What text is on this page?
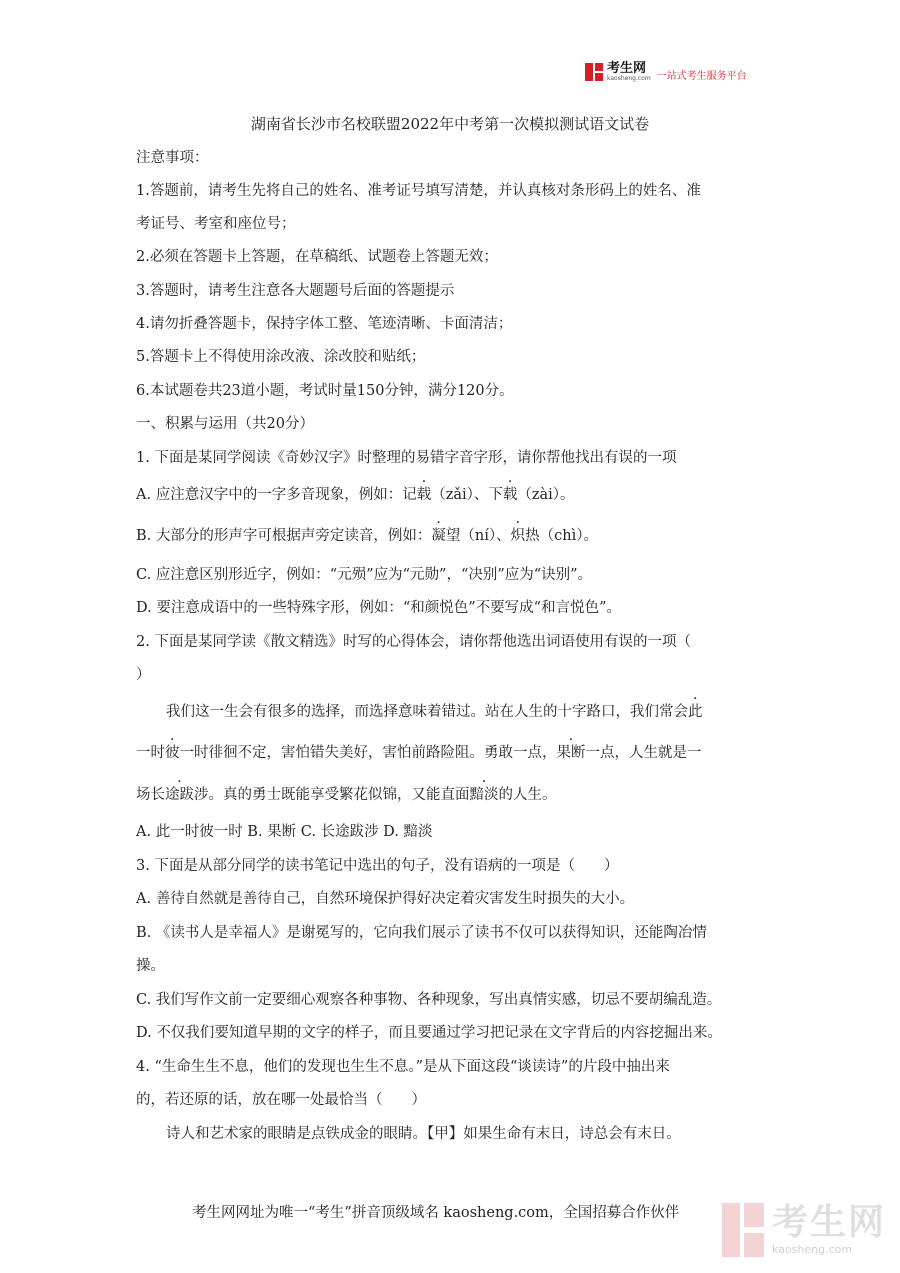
考生网
kaosheng.com 一站式考生服务平台
湖南省长沙市名校联盟2022年中考第一次模拟测试语文试卷
注意事项：
1.答题前，请考生先将自己的姓名、准考证号填写清楚，并认真核对条形码上的姓名、准
考证号、考室和座位号；
2.必须在答题卡上答题，在草稿纸、试题卷上答题无效；
3.答题时，请考生注意各大题题号后面的答题提示
4.请勿折叠答题卡，保持字体工整、笔迹清晰、卡面清洁；
5.答题卡上不得使用涂改液、涂改胶和贴纸；
6.本试题卷共23道小题，考试时量150分钟，满分120分。
一、积累与运用（共20分）
1. 下面是某同学阅读《奇妙汉字》时整理的易错字音字形，请你帮他找出有误的一项
A. 应注意汉字中的一字多音现象，例如：记载（zǎi）、下载（zài）。
B. 大部分的形声字可根据声旁定读音，例如：凝望（ní）、炽热（chì）。
C. 应注意区别形近字，例如：“元殒”应为“元勋”，“决别”应为“诀别”。
D. 要注意成语中的一些特殊字形，例如：“和颜悦色”不要写成“和言悦色”。
2. 下面是某同学读《散文精选》时写的心得体会，请你帮他选出词语使用有误的一项（
）
我们这一生会有很多的选择，而选择意味着错过。站在人生的十字路口，我们常会此
· 一时彼一时徘徊不定，害怕错失美好，害怕前路险阻。勇敢一点，果断一点，人生就是一
场长途跋涉。真的勇士既能享受繁花似锦，又能直面黯淡的人生。
A. 此一时彼一时 B. 果断 C. 长途跋涉 D. 黯淡
3. 下面是从部分同学的读书笔记中选出的句子，没有语病的一项是（　　）
A. 善待自然就是善待自己，自然环境保护得好决定着灾害发生时损失的大小。
B. 《读书人是幸福人》是谢冕写的，它向我们展示了读书不仅可以获得知识，还能陶冶情
操。
C. 我们写作文前一定要细心观察各种事物、各种现象，写出真情实感，切忌不要胡编乱造。
D. 不仅我们要知道早期的文字的样子，而且要通过学习把记录在文字背后的内容挖掘出来。
4. “生命生生不息，他们的发现也生生不息。”是从下面这段“谈读诗”的片段中抽出来
的，若还原的话，放在哪一处最恰当（　　）
诗人和艺术家的眼睛是点铁成金的眼睛。【甲】如果生命有末日，诗总会有末日。
考生网网址为唯一“考生”拼音顶级域名 kaosheng.com，全国招募合作伙伴	考生网
kaosheng.com
